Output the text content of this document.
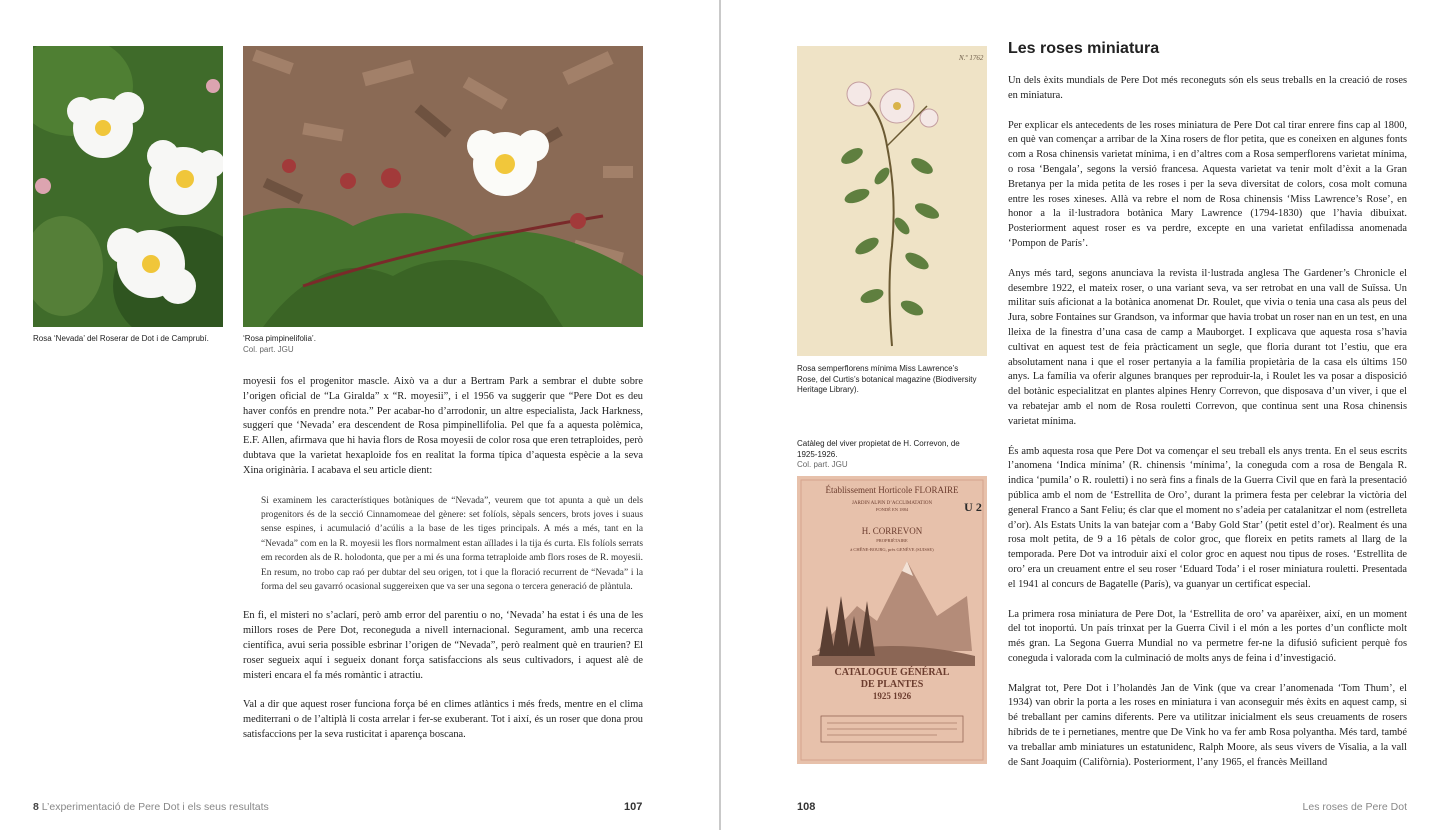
Rosa ‘Nevada’ del Roserar de Dot i de Camprubí.	‘Rosa pimpinelifolia’.
Col. part. JGU

moyesii fos el progenitor mascle. Això va a dur a Bertram Park a sembrar el dubte sobre l’origen oficial de “La Giralda” x “R. moyesii”, i el 1956 va suggerir que “Pere Dot es deu haver confós en prendre nota.” Per acabar-ho d’arrodonir, un altre especialista, Jack Harkness, suggerí que ‘Nevada’ era descendent de Rosa pimpinellifolia. Pel que fa a aquesta polèmica, E.F. Allen, afirmava que hi havia flors de Rosa moyesii de color rosa que eren tetraploides, però dubtava que la varietat hexaploide fos en realitat la forma típica d’aquesta espècie a la seva Xina originària. I acabava el seu article dient:

Si examinem les característiques botàniques de “Nevada”, veurem que tot apunta a què un dels progenitors és de la secció Cinnamomeae del gènere: set folíols, sèpals sencers, brots joves i suaus sense espines, i acumulació d’acúlis a la base de les tiges principals. A més a més, tant en la “Nevada” com en la R. moyesii les flors normalment estan aïllades i la tija és curta. Els folíols serrats em recorden als de R. holodonta, que per a mi és una forma tetraploide amb flors roses de R. moyesii. En resum, no trobo cap raó per dubtar del seu origen, tot i que la floració recurrent de “Nevada” i la forma del seu gavarró ocasional suggereixen que va ser una segona o tercera generació de plàntula.

En fi, el misteri no s’aclarí, però amb error del parentiu o no, ‘Nevada’ ha estat i és una de les millors roses de Pere Dot, reconeguda a nivell internacional. Segurament, amb una recerca científica, avui seria possible esbrinar l’origen de “Nevada”, però realment què en traurien? El roser segueix aquí i segueix donant força satisfaccions als seus cultivadors, i aquest alè de misteri encara el fa més romàntic i atractiu.

Val a dir que aquest roser funciona força bé en climes atlàntics i més freds, mentre en el clima mediterrani o de l’altiplà li costa arrelar i fer-se exuberant. Tot i així, és un roser que dona prou satisfaccions per la seva rusticitat i aparença boscana.

8 L’experimentació de Pere Dot i els seus resultats	107
N.º 1762
Rosa semperflorens mínima Miss Lawrence’s Rose, del Curtis’s botanical magazine (Biodiversity Heritage Library).
Catàleg del viver propietat de H. Correvon, de 1925-1926.
Col. part. JGU
Établissement Horticole FLORAIRE
JARDIN ALPIN D’ACCLIMATATION
FONDÉ EN 1884	U 2
H. CORREVON
PROPRIÉTAIRE
à CHÊNE-BOURG, près GENÈVE (SUISSE)
CATALOGUE GÉNÉRAL
DE PLANTES
1925 1926
Les roses miniatura

Un dels èxits mundials de Pere Dot més reconeguts són els seus treballs en la creació de roses en miniatura.

Per explicar els antecedents de les roses miniatura de Pere Dot cal tirar enrere fins cap al 1800, en què van començar a arribar de la Xina rosers de flor petita, que es coneixen en algunes fonts com a Rosa chinensis varietat mínima, i en d’altres com a Rosa semperflorens varietat mínima, o rosa ‘Bengala’, segons la versió francesa. Aquesta varietat va tenir molt d’èxit a la Gran Bretanya per la mida petita de les roses i per la seva diversitat de colors, cosa molt comuna entre les roses xineses. Allà va rebre el nom de Rosa chinensis ‘Miss Lawrence’s Rose’, en honor a la il·lustradora botànica Mary Lawrence (1794-1830) que l’havia dibuixat. Posteriorment aquest roser es va perdre, excepte en una varietat enfiladissa anomenada ‘Pompon de París’.

Anys més tard, segons anunciava la revista il·lustrada anglesa The Gardener’s Chronicle el desembre 1922, el mateix roser, o una variant seva, va ser retrobat en una vall de Suïssa. Un militar suís aficionat a la botànica anomenat Dr. Roulet, que vivia o tenia una casa als peus del Jura, sobre Fontaines sur Grandson, va informar que havia trobat un roser nan en un test, en una lleixa de la finestra d’una casa de camp a Mauborget. I explicava que aquesta rosa s’havia cultivat en aquest test de feia pràcticament un segle, que floria durant tot l’estiu, que era absolutament nana i que el roser pertanyia a la família propietària de la casa els últims 150 anys. La família va oferir algunes branques per reproduir-la, i Roulet les va posar a disposició del botànic especialitzat en plantes alpines Henry Correvon, que disposava d’un viver, i que el va rebatejar amb el nom de Rosa rouletti Correvon, que continua sent una Rosa chinensis varietat mínima.

És amb aquesta rosa que Pere Dot va començar el seu treball els anys trenta. En el seus escrits l’anomena ‘Indica mínima’ (R. chinensis ‘mínima’, la coneguda com a rosa de Bengala R. indica ‘pumila’ o R. rouletti) i no serà fins a finals de la Guerra Civil que en farà la presentació pública amb el nom de ‘Estrellita de Oro’, durant la primera festa per celebrar la victòria del general Franco a Sant Feliu; és clar que el moment no s’adeia per catalanitzar el nom (estrelleta d’or). Als Estats Units la van batejar com a ‘Baby Gold Star’ (petit estel d’or). Realment és una rosa molt petita, de 9 a 16 pètals de color groc, que floreix en petits ramets al llarg de la temporada. Pere Dot va introduir així el color groc en aquest nou tipus de roses. ‘Estrellita de oro’ era un creuament entre el seu roser ‘Eduard Toda’ i el roser miniatura rouletti. Presentada el 1941 al concurs de Bagatelle (París), va guanyar un certificat especial.

La primera rosa miniatura de Pere Dot, la ‘Estrellita de oro’ va aparèixer, així, en un moment del tot inoportú. Un país trinxat per la Guerra Civil i el món a les portes d’un conflicte molt més gran. La Segona Guerra Mundial no va permetre fer-ne la difusió suficient perquè fos coneguda i valorada com la culminació de molts anys de feina i d’investigació.

Malgrat tot, Pere Dot i l’holandès Jan de Vink (que va crear l’anomenada ‘Tom Thum’, el 1934) van obrir la porta a les roses en miniatura i van aconseguir més èxits en aquest camp, si bé treballant per camins diferents. Pere va utilitzar inicialment els seus creuaments de rosers híbrids de te i pernetianes, mentre que De Vink ho va fer amb Rosa polyantha. Més tard, també va treballar amb miniatures un estatunidenc, Ralph Moore, als seus vivers de Visalia, a la vall de Sant Joaquim (Califòrnia). Posteriorment, l’any 1965, el francès Meilland

108	Les roses de Pere Dot
